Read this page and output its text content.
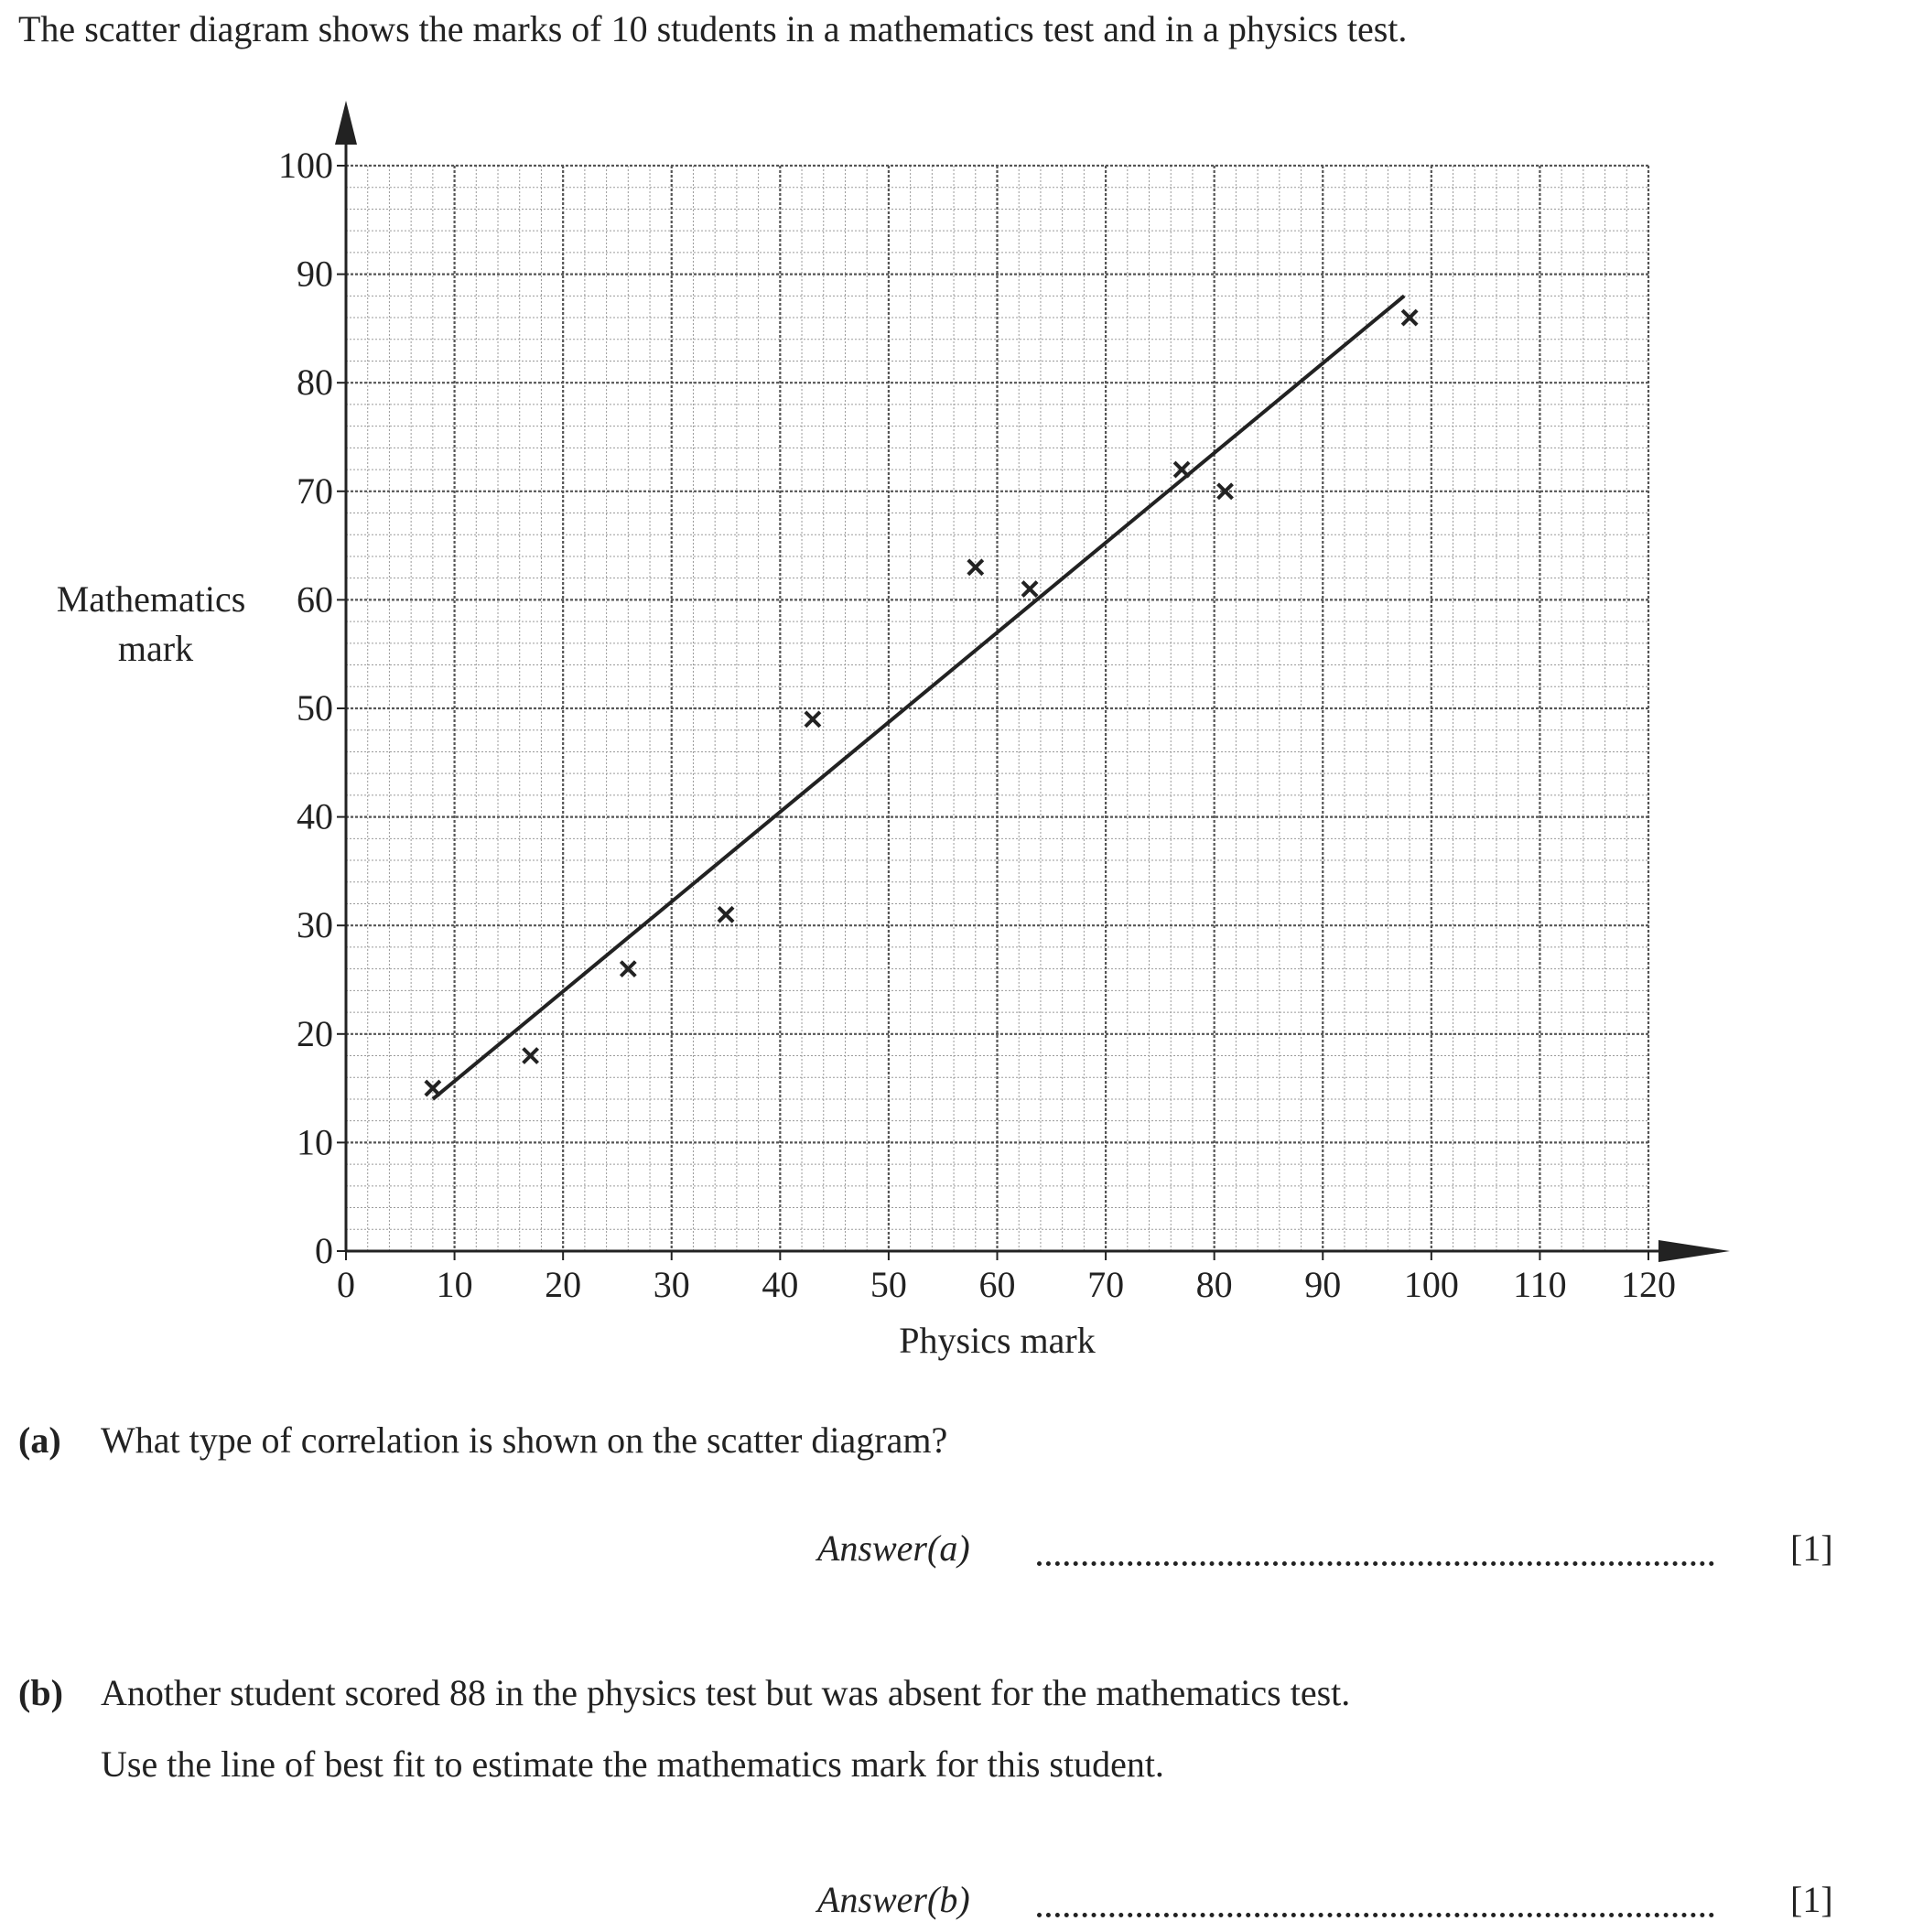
The scatter diagram shows the marks of 10 students in a mathematics test and in a physics test.

0 10 20 30 40 50 60 70 80 90 100 110 120
0
10
20
30
40
50
60
70
80
90
100
Physics mark
Mathematics mark
(a) What type of correlation is shown on the scatter diagram?
Answer(a)	[1]
(b) Another student scored 88 in the physics test but was absent for the mathematics test.
Use the line of best fit to estimate the mathematics mark for this student.
Answer(b)	[1]
